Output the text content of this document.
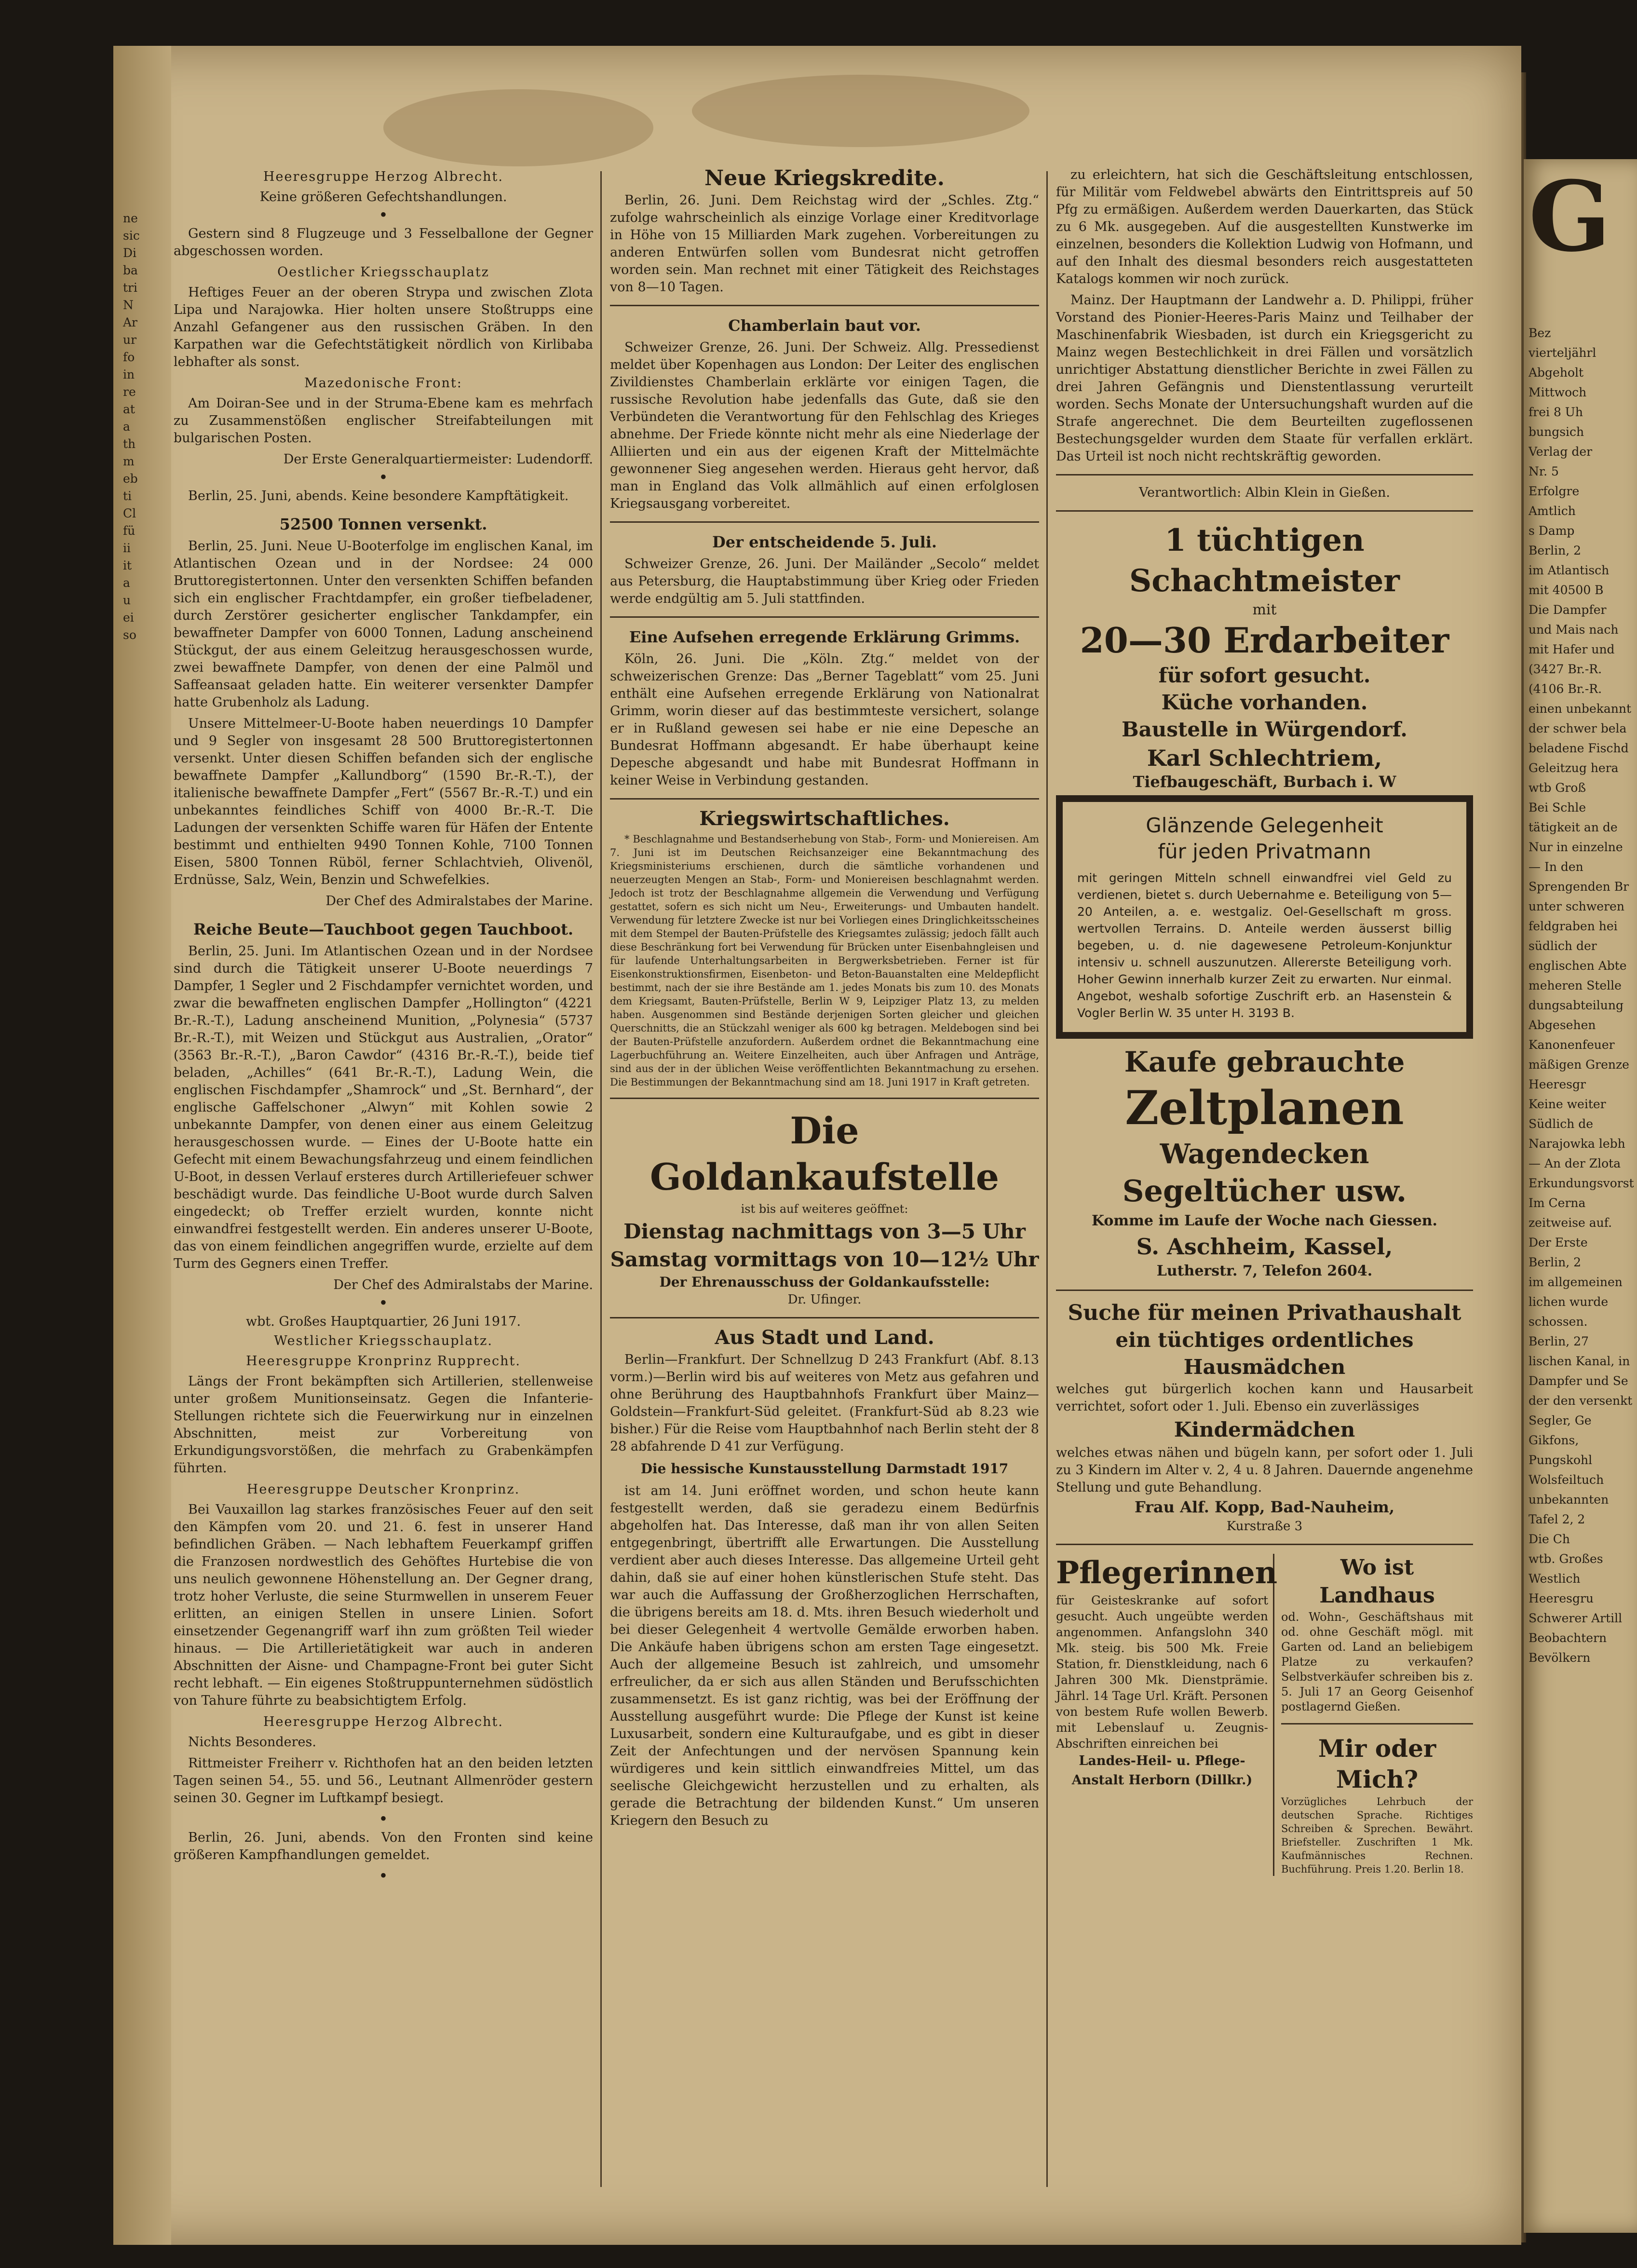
ne
sic
Di
ba
tri
N
Ar
ur
fo
in
re
at
a
th
m
eb
ti
Cl
fü
ii
it
a
u
ei
so
Heeresgruppe Herzog Albrecht.
Keine größeren Gefechtshandlungen.
•

Gestern sind 8 Flugzeuge und 3 Fesselballone der Gegner abgeschossen worden.

Oestlicher Kriegsschauplatz

Heftiges Feuer an der oberen Strypa und zwischen Zlota Lipa und Narajowka. Hier holten unsere Stoßtrupps eine Anzahl Gefangener aus den russischen Gräben. In den Karpathen war die Gefechtstätigkeit nördlich von Kirlibaba lebhafter als sonst.

Mazedonische Front:

Am Doiran-See und in der Struma-Ebene kam es mehrfach zu Zusammenstößen englischer Streifabteilungen mit bulgarischen Posten.

Der Erste Generalquartiermeister: Ludendorff.
•

Berlin, 25. Juni, abends. Keine besondere Kampftätigkeit.

52500 Tonnen versenkt.

Berlin, 25. Juni. Neue U-Booterfolge im englischen Kanal, im Atlantischen Ozean und in der Nordsee: 24 000 Bruttoregistertonnen. Unter den versenkten Schiffen befanden sich ein englischer Frachtdampfer, ein großer tiefbeladener, durch Zerstörer gesicherter englischer Tankdampfer, ein bewaffneter Dampfer von 6000 Tonnen, Ladung anscheinend Stückgut, der aus einem Geleitzug herausgeschossen wurde, zwei bewaffnete Dampfer, von denen der eine Palmöl und Saffeansaat geladen hatte. Ein weiterer versenkter Dampfer hatte Grubenholz als Ladung.

Unsere Mittelmeer-U-Boote haben neuerdings 10 Dampfer und 9 Segler von insgesamt 28 500 Bruttoregistertonnen versenkt. Unter diesen Schiffen befanden sich der englische bewaffnete Dampfer „Kallundborg“ (1590 Br.-R.-T.), der italienische bewaffnete Dampfer „Fert“ (5567 Br.-R.-T.) und ein unbekanntes feindliches Schiff von 4000 Br.-R.-T. Die Ladungen der versenkten Schiffe waren für Häfen der Entente bestimmt und enthielten 9490 Tonnen Kohle, 7100 Tonnen Eisen, 5800 Tonnen Rüböl, ferner Schlachtvieh, Olivenöl, Erdnüsse, Salz, Wein, Benzin und Schwefelkies.

Der Chef des Admiralstabes der Marine.
Reiche Beute—Tauchboot gegen Tauchboot.

Berlin, 25. Juni. Im Atlantischen Ozean und in der Nordsee sind durch die Tätigkeit unserer U-Boote neuerdings 7 Dampfer, 1 Segler und 2 Fischdampfer vernichtet worden, und zwar die bewaffneten englischen Dampfer „Hollington“ (4221 Br.-R.-T.), Ladung anscheinend Munition, „Polynesia“ (5737 Br.-R.-T.), mit Weizen und Stückgut aus Australien, „Orator“ (3563 Br.-R.-T.), „Baron Cawdor“ (4316 Br.-R.-T.), beide tief beladen, „Achilles“ (641 Br.-R.-T.), Ladung Wein, die englischen Fischdampfer „Shamrock“ und „St. Bernhard“, der englische Gaffelschoner „Alwyn“ mit Kohlen sowie 2 unbekannte Dampfer, von denen einer aus einem Geleitzug herausgeschossen wurde. — Eines der U-Boote hatte ein Gefecht mit einem Bewachungsfahrzeug und einem feindlichen U-Boot, in dessen Verlauf ersteres durch Artilleriefeuer schwer beschädigt wurde. Das feindliche U-Boot wurde durch Salven eingedeckt; ob Treffer erzielt wurden, konnte nicht einwandfrei festgestellt werden. Ein anderes unserer U-Boote, das von einem feindlichen angegriffen wurde, erzielte auf dem Turm des Gegners einen Treffer.

Der Chef des Admiralstabs der Marine.
•
wbt. Großes Hauptquartier, 26 Juni 1917.
Westlicher Kriegsschauplatz.
Heeresgruppe Kronprinz Rupprecht.

Längs der Front bekämpften sich Artillerien, stellenweise unter großem Munitionseinsatz. Gegen die Infanterie-Stellungen richtete sich die Feuerwirkung nur in einzelnen Abschnitten, meist zur Vorbereitung von Erkundigungsvorstößen, die mehrfach zu Grabenkämpfen führten.

Heeresgruppe Deutscher Kronprinz.

Bei Vauxaillon lag starkes französisches Feuer auf den seit den Kämpfen vom 20. und 21. 6. fest in unserer Hand befindlichen Gräben. — Nach lebhaftem Feuerkampf griffen die Franzosen nordwestlich des Gehöftes Hurtebise die von uns neulich gewonnene Höhenstellung an. Der Gegner drang, trotz hoher Verluste, die seine Sturmwellen in unserem Feuer erlitten, an einigen Stellen in unsere Linien. Sofort einsetzender Gegenangriff warf ihn zum größten Teil wieder hinaus. — Die Artillerietätigkeit war auch in anderen Abschnitten der Aisne- und Champagne-Front bei guter Sicht recht lebhaft. — Ein eigenes Stoßtruppunternehmen südöstlich von Tahure führte zu beabsichtigtem Erfolg.

Heeresgruppe Herzog Albrecht.

Nichts Besonderes.

Rittmeister Freiherr v. Richthofen hat an den beiden letzten Tagen seinen 54., 55. und 56., Leutnant Allmenröder gestern seinen 30. Gegner im Luftkampf besiegt.

•

Berlin, 26. Juni, abends. Von den Fronten sind keine größeren Kampfhandlungen gemeldet.

•
Neue Kriegskredite.

Berlin, 26. Juni. Dem Reichstag wird der „Schles. Ztg.“ zufolge wahrscheinlich als einzige Vorlage einer Kreditvorlage in Höhe von 15 Milliarden Mark zugehen. Vorbereitungen zu anderen Entwürfen sollen vom Bundesrat nicht getroffen worden sein. Man rechnet mit einer Tätigkeit des Reichstages von 8—10 Tagen.

Chamberlain baut vor.

Schweizer Grenze, 26. Juni. Der Schweiz. Allg. Pressedienst meldet über Kopenhagen aus London: Der Leiter des englischen Zivildienstes Chamberlain erklärte vor einigen Tagen, die russische Revolution habe jedenfalls das Gute, daß sie den Verbündeten die Verantwortung für den Fehlschlag des Krieges abnehme. Der Friede könnte nicht mehr als eine Niederlage der Alliierten und ein aus der eigenen Kraft der Mittelmächte gewonnener Sieg angesehen werden. Hieraus geht hervor, daß man in England das Volk allmählich auf einen erfolglosen Kriegsausgang vorbereitet.

Der entscheidende 5. Juli.

Schweizer Grenze, 26. Juni. Der Mailänder „Secolo“ meldet aus Petersburg, die Hauptabstimmung über Krieg oder Frieden werde endgültig am 5. Juli stattfinden.

Eine Aufsehen erregende Erklärung Grimms.

Köln, 26. Juni. Die „Köln. Ztg.“ meldet von der schweizerischen Grenze: Das „Berner Tageblatt“ vom 25. Juni enthält eine Aufsehen erregende Erklärung von Nationalrat Grimm, worin dieser auf das bestimmteste versichert, solange er in Rußland gewesen sei habe er nie eine Depesche an Bundesrat Hoffmann abgesandt. Er habe überhaupt keine Depesche abgesandt und habe mit Bundesrat Hoffmann in keiner Weise in Verbindung gestanden.

Kriegswirtschaftliches.

* Beschlagnahme und Bestandserhebung von Stab-, Form- und Moniereisen. Am 7. Juni ist im Deutschen Reichsanzeiger eine Bekanntmachung des Kriegsministeriums erschienen, durch die sämtliche vorhandenen und neuerzeugten Mengen an Stab-, Form- und Moniereisen beschlagnahmt werden. Jedoch ist trotz der Beschlagnahme allgemein die Verwendung und Verfügung gestattet, sofern es sich nicht um Neu-, Erweiterungs- und Umbauten handelt. Verwendung für letztere Zwecke ist nur bei Vorliegen eines Dringlichkeitsscheines mit dem Stempel der Bauten-Prüfstelle des Kriegsamtes zulässig; jedoch fällt auch diese Beschränkung fort bei Verwendung für Brücken unter Eisenbahngleisen und für laufende Unterhaltungsarbeiten in Bergwerksbetrieben. Ferner ist für Eisenkonstruktionsfirmen, Eisenbeton- und Beton-Bauanstalten eine Meldepflicht bestimmt, nach der sie ihre Bestände am 1. jedes Monats bis zum 10. des Monats dem Kriegsamt, Bauten-Prüfstelle, Berlin W 9, Leipziger Platz 13, zu melden haben. Ausgenommen sind Bestände derjenigen Sorten gleicher und gleichen Querschnitts, die an Stückzahl weniger als 600 kg betragen. Meldebogen sind bei der Bauten-Prüfstelle anzufordern. Außerdem ordnet die Bekanntmachung eine Lagerbuchführung an. Weitere Einzelheiten, auch über Anfragen und Anträge, sind aus der in der üblichen Weise veröffentlichten Bekanntmachung zu ersehen. Die Bestimmungen der Bekanntmachung sind am 18. Juni 1917 in Kraft getreten.

Die Goldankaufstelle
ist bis auf weiteres geöffnet:
Dienstag nachmittags von 3—5 Uhr
Samstag vormittags von 10—12½ Uhr
Der Ehrenausschuss der Goldankaufsstelle:
Dr. Ufinger.
Aus Stadt und Land.

Berlin—Frankfurt. Der Schnellzug D 243 Frankfurt (Abf. 8.13 vorm.)—Berlin wird bis auf weiteres von Metz aus gefahren und ohne Berührung des Hauptbahnhofs Frankfurt über Mainz—Goldstein—Frankfurt-Süd geleitet. (Frankfurt-Süd ab 8.23 wie bisher.) Für die Reise vom Hauptbahnhof nach Berlin steht der 8 28 abfahrende D 41 zur Verfügung.

Die hessische Kunstausstellung Darmstadt 1917

ist am 14. Juni eröffnet worden, und schon heute kann festgestellt werden, daß sie geradezu einem Bedürfnis abgeholfen hat. Das Interesse, daß man ihr von allen Seiten entgegenbringt, übertrifft alle Erwartungen. Die Ausstellung verdient aber auch dieses Interesse. Das allgemeine Urteil geht dahin, daß sie auf einer hohen künstlerischen Stufe steht. Das war auch die Auffassung der Großherzoglichen Herrschaften, die übrigens bereits am 18. d. Mts. ihren Besuch wiederholt und bei dieser Gelegenheit 4 wertvolle Gemälde erworben haben. Die Ankäufe haben übrigens schon am ersten Tage eingesetzt. Auch der allgemeine Besuch ist zahlreich, und umsomehr erfreulicher, da er sich aus allen Ständen und Berufsschichten zusammensetzt. Es ist ganz richtig, was bei der Eröffnung der Ausstellung ausgeführt wurde: Die Pflege der Kunst ist keine Luxusarbeit, sondern eine Kulturaufgabe, und es gibt in dieser Zeit der Anfechtungen und der nervösen Spannung kein würdigeres und kein sittlich einwandfreies Mittel, um das seelische Gleichgewicht herzustellen und zu erhalten, als gerade die Betrachtung der bildenden Kunst.“ Um unseren Kriegern den Besuch zu

zu erleichtern, hat sich die Geschäftsleitung entschlossen, für Militär vom Feldwebel abwärts den Eintrittspreis auf 50 Pfg zu ermäßigen. Außerdem werden Dauerkarten, das Stück zu 6 Mk. ausgegeben. Auf die ausgestellten Kunstwerke im einzelnen, besonders die Kollektion Ludwig von Hofmann, und auf den Inhalt des diesmal besonders reich ausgestatteten Katalogs kommen wir noch zurück.

Mainz. Der Hauptmann der Landwehr a. D. Philippi, früher Vorstand des Pionier-Heeres-Paris Mainz und Teilhaber der Maschinenfabrik Wiesbaden, ist durch ein Kriegsgericht zu Mainz wegen Bestechlichkeit in drei Fällen und vorsätzlich unrichtiger Abstattung dienstlicher Berichte in zwei Fällen zu drei Jahren Gefängnis und Dienstentlassung verurteilt worden. Sechs Monate der Untersuchungshaft wurden auf die Strafe angerechnet. Die dem Beurteilten zugeflossenen Bestechungsgelder wurden dem Staate für verfallen erklärt. Das Urteil ist noch nicht rechtskräftig geworden.

Verantwortlich: Albin Klein in Gießen.
1 tüchtigen Schachtmeister
mit
20—30 Erdarbeiter
für sofort gesucht.
Küche vorhanden.
Baustelle in Würgendorf.
Karl Schlechtriem,
Tiefbaugeschäft, Burbach i. W
Glänzende Gelegenheit
für jeden Privatmann
mit geringen Mitteln schnell einwandfrei viel Geld zu verdienen, bietet s. durch Uebernahme e. Beteiligung von 5—20 Anteilen, a. e. westgaliz. Oel-Gesellschaft m gross. wertvollen Terrains. D. Anteile werden äusserst billig begeben, u. d. nie dagewesene Petroleum-Konjunktur intensiv u. schnell auszunutzen. Allererste Beteiligung vorh. Hoher Gewinn innerhalb kurzer Zeit zu erwarten. Nur einmal. Angebot, weshalb sofortige Zuschrift erb. an Hasenstein & Vogler Berlin W. 35 unter H. 3193 B.
Kaufe gebrauchte
Zeltplanen
Wagendecken
Segeltücher usw.
Komme im Laufe der Woche nach Giessen.
S. Aschheim, Kassel,
Lutherstr. 7, Telefon 2604.
Suche für meinen Privathaushalt
ein tüchtiges ordentliches Hausmädchen
welches gut bürgerlich kochen kann und Hausarbeit verrichtet, sofort oder 1. Juli. Ebenso ein zuverlässiges
Kindermädchen
welches etwas nähen und bügeln kann, per sofort oder 1. Juli zu 3 Kindern im Alter v. 2, 4 u. 8 Jahren. Dauernde angenehme Stellung und gute Behandlung.
Frau Alf. Kopp, Bad-Nauheim,
Kurstraße 3
Pflegerinnen
für Geisteskranke auf sofort gesucht. Auch ungeübte werden angenommen. Anfangslohn 340 Mk. steig. bis 500 Mk. Freie Station, fr. Dienstkleidung, nach 6 Jahren 300 Mk. Dienstprämie. Jährl. 14 Tage Url. Kräft. Personen von bestem Rufe wollen Bewerb. mit Lebenslauf u. Zeugnis-Abschriften einreichen bei
Landes-Heil- u. Pflege-Anstalt Herborn (Dillkr.)
Wo ist Landhaus
od. Wohn-, Geschäftshaus mit od. ohne Geschäft mögl. mit Garten od. Land an beliebigem Platze zu verkaufen? Selbstverkäufer schreiben bis z. 5. Juli 17 an Georg Geisenhof postlagernd Gießen.
Mir oder Mich?
Vorzügliches Lehrbuch der deutschen Sprache. Richtiges Schreiben & Sprechen. Bewährt. Briefsteller. Zuschriften 1 Mk. Kaufmännisches Rechnen. Buchführung. Preis 1.20. Berlin 18.
G
Bez
vierteljährl
Abgeholt
Mittwoch
frei 8 Uh
bungsich
Verlag der
Nr. 5
Erfolgre
Amtlich
s Damp
Berlin, 2
im Atlantisch
mit 40500 B
Die Dampfer
und Mais nach
mit Hafer und
(3427 Br.-R.
(4106 Br.-R.
einen unbekannt
der schwer bela
beladene Fischd
Geleitzug hera
wtb Groß
Bei Schle
tätigkeit an de
Nur in einzelne
— In den
Sprengenden Br
unter schweren
feldgraben hei
südlich der
englischen Abte
meheren Stelle
dungsabteilung
Abgesehen
Kanonenfeuer
mäßigen Grenze
Heeresgr
Keine weiter
Südlich de
Narajowka lebh
— An der Zlota
Erkundungsvorst
Im Cerna
zeitweise auf.
Der Erste
Berlin, 2
im allgemeinen
lichen wurde
schossen.
Berlin, 27
lischen Kanal, in
Dampfer und Se
der den versenkt
Segler, Ge
Gikfons,
Pungskohl
Wolsfeiltuch
unbekannten
Tafel 2, 2
Die Ch
wtb. Großes
Westlich
Heeresgru
Schwerer Artill
Beobachtern
Bevölkern
